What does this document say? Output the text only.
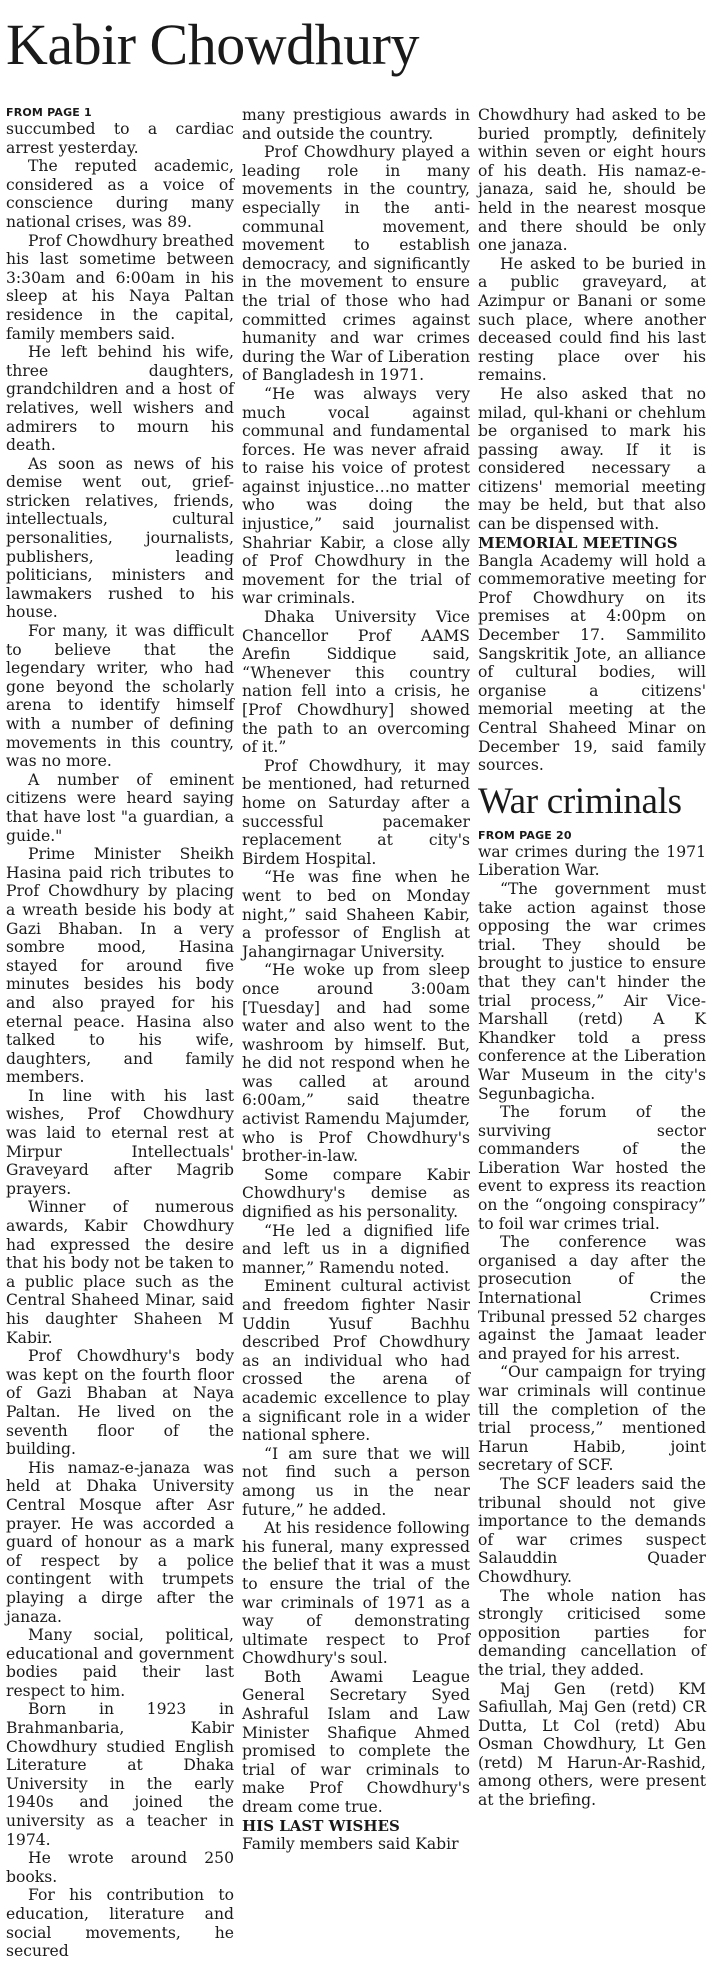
Kabir Chowdhury
FROM PAGE 1

succumbed to a cardiac arrest yesterday.

The reputed academic, considered as a voice of conscience during many national crises, was 89.

Prof Chowdhury breathed his last sometime between 3:30am and 6:00am in his sleep at his Naya Paltan residence in the capital, family members said.

He left behind his wife, three daughters, grandchildren and a host of relatives, well wishers and admirers to mourn his death.

As soon as news of his demise went out, grief-stricken relatives, friends, intellectuals, cultural personalities, journalists, publishers, leading politicians, ministers and lawmakers rushed to his house.

For many, it was difficult to believe that the legendary writer, who had gone beyond the scholarly arena to identify himself with a number of defining movements in this country, was no more.

A number of eminent citizens were heard saying that have lost "a guardian, a guide."

Prime Minister Sheikh Hasina paid rich tributes to Prof Chowdhury by placing a wreath beside his body at Gazi Bhaban. In a very sombre mood, Hasina stayed for around five minutes besides his body and also prayed for his eternal peace. Hasina also talked to his wife, daughters, and family members.

In line with his last wishes, Prof Chowdhury was laid to eternal rest at Mirpur Intellectuals' Graveyard after Magrib prayers.

Winner of numerous awards, Kabir Chowdhury had expressed the desire that his body not be taken to a public place such as the Central Shaheed Minar, said his daughter Shaheen M Kabir.

Prof Chowdhury's body was kept on the fourth floor of Gazi Bhaban at Naya Paltan. He lived on the seventh floor of the building.

His namaz-e-janaza was held at Dhaka University Central Mosque after Asr prayer. He was accorded a guard of honour as a mark of respect by a police contingent with trumpets playing a dirge after the janaza.

Many social, political, educational and government bodies paid their last respect to him.

Born in 1923 in Brahmanbaria, Kabir Chowdhury studied English Literature at Dhaka University in the early 1940s and joined the university as a teacher in 1974.

He wrote around 250 books.

For his contribution to education, literature and social movements, he secured

many prestigious awards in and outside the country.

Prof Chowdhury played a leading role in many movements in the country, especially in the anti-communal movement, movement to establish democracy, and significantly in the movement to ensure the trial of those who had committed crimes against humanity and war crimes during the War of Liberation of Bangladesh in 1971.

“He was always very much vocal against communal and fundamental forces. He was never afraid to raise his voice of protest against injustice…no matter who was doing the injustice,” said journalist Shahriar Kabir, a close ally of Prof Chowdhury in the movement for the trial of war criminals.

Dhaka University Vice Chancellor Prof AAMS Arefin Siddique said, “Whenever this country nation fell into a crisis, he [Prof Chowdhury] showed the path to an overcoming of it.”

Prof Chowdhury, it may be mentioned, had returned home on Saturday after a successful pacemaker replacement at city's Birdem Hospital.

“He was fine when he went to bed on Monday night,” said Shaheen Kabir, a professor of English at Jahangirnagar University.

“He woke up from sleep once around 3:00am [Tuesday] and had some water and also went to the washroom by himself. But, he did not respond when he was called at around 6:00am,” said theatre activist Ramendu Majumder, who is Prof Chowdhury's brother-in-law.

Some compare Kabir Chowdhury's demise as dignified as his personality.

“He led a dignified life and left us in a dignified manner,” Ramendu noted.

Eminent cultural activist and freedom fighter Nasir Uddin Yusuf Bachhu described Prof Chowdhury as an individual who had crossed the arena of academic excellence to play a significant role in a wider national sphere.

“I am sure that we will not find such a person among us in the near future,” he added.

At his residence following his funeral, many expressed the belief that it was a must to ensure the trial of the war criminals of 1971 as a way of demonstrating ultimate respect to Prof Chowdhury's soul.

Both Awami League General Secretary Syed Ashraful Islam and Law Minister Shafique Ahmed promised to complete the trial of war criminals to make Prof Chowdhury's dream come true.

HIS LAST WISHES

Family members said Kabir

Chowdhury had asked to be buried promptly, definitely within seven or eight hours of his death. His namaz-e-janaza, said he, should be held in the nearest mosque and there should be only one janaza.

He asked to be buried in a public graveyard, at Azimpur or Banani or some such place, where another deceased could find his last resting place over his remains.

He also asked that no milad, qul-khani or chehlum be organised to mark his passing away. If it is considered necessary a citizens' memorial meeting may be held, but that also can be dispensed with.

MEMORIAL MEETINGS

Bangla Academy will hold a commemorative meeting for Prof Chowdhury on its premises at 4:00pm on December 17. Sammilito Sangskritik Jote, an alliance of cultural bodies, will organise a citizens' memorial meeting at the Central Shaheed Minar on December 19, said family sources.

War criminals
FROM PAGE 20

war crimes during the 1971 Liberation War.

“The government must take action against those opposing the war crimes trial. They should be brought to justice to ensure that they can't hinder the trial process,” Air Vice-Marshall (retd) A K Khandker told a press conference at the Liberation War Museum in the city's Segunbagicha.

The forum of the surviving sector commanders of the Liberation War hosted the event to express its reaction on the “ongoing conspiracy” to foil war crimes trial.

The conference was organised a day after the prosecution of the International Crimes Tribunal pressed 52 charges against the Jamaat leader and prayed for his arrest.

“Our campaign for trying war criminals will continue till the completion of the trial process,” mentioned Harun Habib, joint secretary of SCF.

The SCF leaders said the tribunal should not give importance to the demands of war crimes suspect Salauddin Quader Chowdhury.

The whole nation has strongly criticised some opposition parties for demanding cancellation of the trial, they added.

Maj Gen (retd) KM Safiullah, Maj Gen (retd) CR Dutta, Lt Col (retd) Abu Osman Chowdhury, Lt Gen (retd) M Harun-Ar-Rashid, among others, were present at the briefing.
